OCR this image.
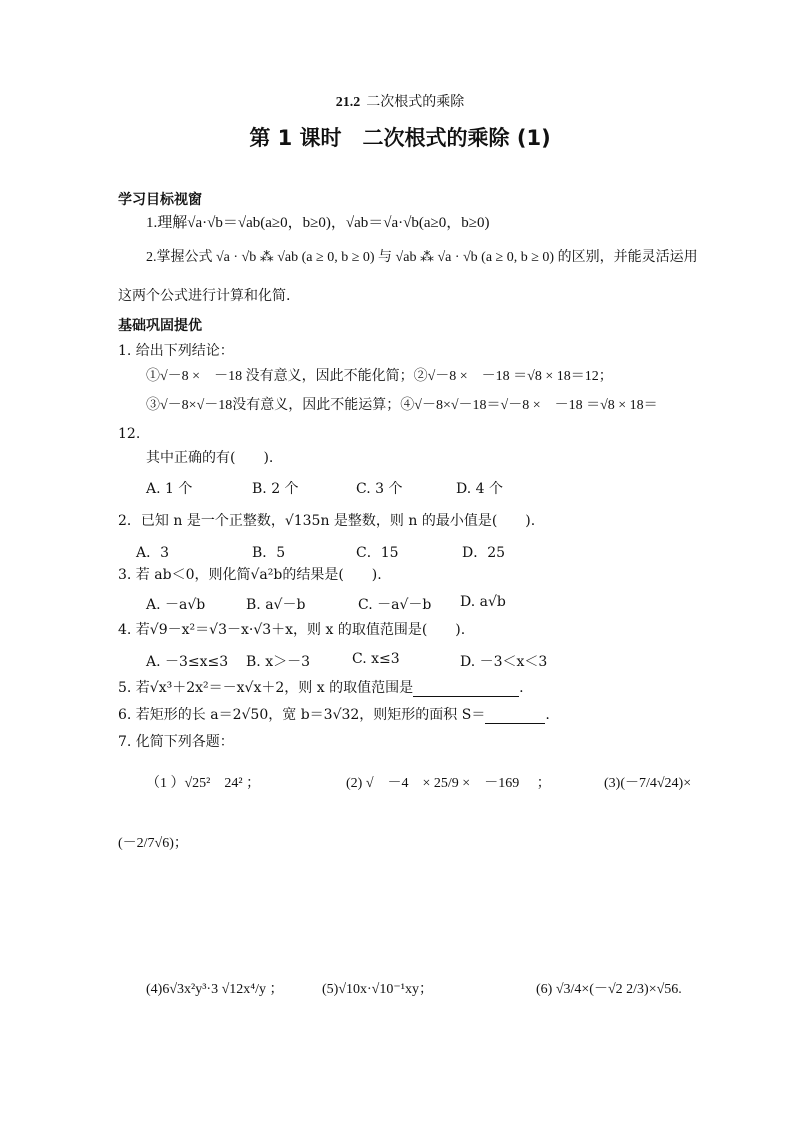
21.2 二次根式的乘除
第 1 课时　二次根式的乘除 (1)
学习目标视窗
1.理解√a·√b＝√ab(a≥0，b≥0)，√ab＝√a·√b(a≥0，b≥0)
2.掌握公式 √a · √b ⁂ √ab (a ≥ 0, b ≥ 0) 与 √ab ⁂ √a · √b (a ≥ 0, b ≥ 0) 的区别，并能灵活运用
这两个公式进行计算和化简.
基础巩固提优
1. 给出下列结论：
①√－8 ×　－18 没有意义，因此不能化简；②√－8 ×　－18 ＝√8 × 18＝12；
③√－8×√－18没有意义，因此不能运算；④√－8×√－18＝√－8 ×　－18 ＝√8 × 18＝
12.
其中正确的有(　　).
A. 1 个	B. 2 个	C. 3 个	D. 4 个
2．已知 n 是一个正整数，√135n 是整数，则 n 的最小值是(　　).
A．3	B．5	C．15	D．25
3. 若 ab＜0，则化简√a²b的结果是(　　).
A. －a√b	B. a√－b	C. －a√－b D. a√b
4. 若√9－x²＝√3－x·√3＋x，则 x 的取值范围是(　　).
A. －3≤x≤3 B. x＞－3	C. x≤3	D. －3＜x＜3
5. 若√x³＋2x²＝－x√x＋2，则 x 的取值范围是	.
6. 若矩形的长 a＝2√50，宽 b＝3√32，则矩形的面积 S＝	.
7. 化简下列各题：
（1 ）√25²　24² ；	(2) √　－4　× 25/9 ×　－169 　；	(3)(－7/4√24)×
(－2/7√6)；
(4)6√3x²y³·3 √12x⁴/y ；	(5)√10x·√10⁻¹xy；	(6) √3/4×(－√2 2/3)×√56.
